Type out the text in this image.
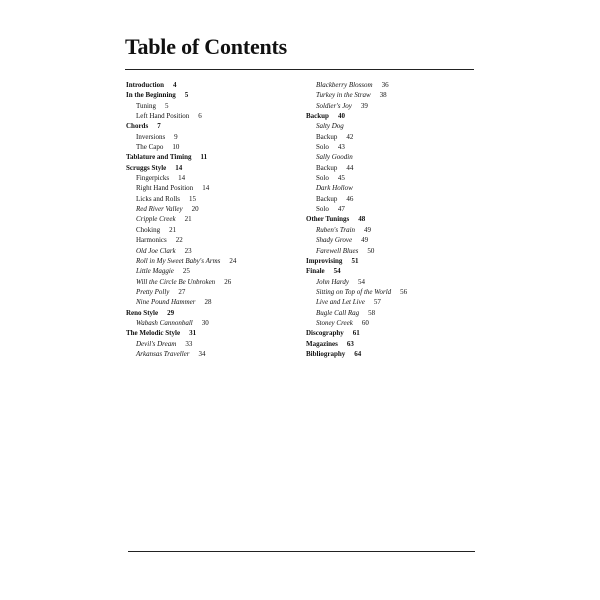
Table of Contents
Introduction 4
In the Beginning 5
Tuning 5
Left Hand Position 6
Chords 7
Inversions 9
The Capo 10
Tablature and Timing 11
Scruggs Style 14
Fingerpicks 14
Right Hand Position 14
Licks and Rolls 15
Red River Valley 20
Cripple Creek 21
Choking 21
Harmonics 22
Old Joe Clark 23
Roll in My Sweet Baby's Arms 24
Little Maggie 25
Will the Circle Be Unbroken 26
Pretty Polly 27
Nine Pound Hammer 28
Reno Style 29
Wabash Cannonball 30
The Melodic Style 31
Devil's Dream 33
Arkansas Traveller 34
Blackberry Blossom 36
Turkey in the Straw 38
Soldier's Joy 39
Backup 40
Salty Dog
Backup 42
Solo 43
Sally Goodin
Backup 44
Solo 45
Dark Hollow
Backup 46
Solo 47
Other Tunings 48
Ruben's Train 49
Shady Grove 49
Farewell Blues 50
Improvising 51
Finale 54
John Hardy 54
Sitting on Top of the World 56
Live and Let Live 57
Bugle Call Rag 58
Stoney Creek 60
Discography 61
Magazines 63
Bibliography 64
